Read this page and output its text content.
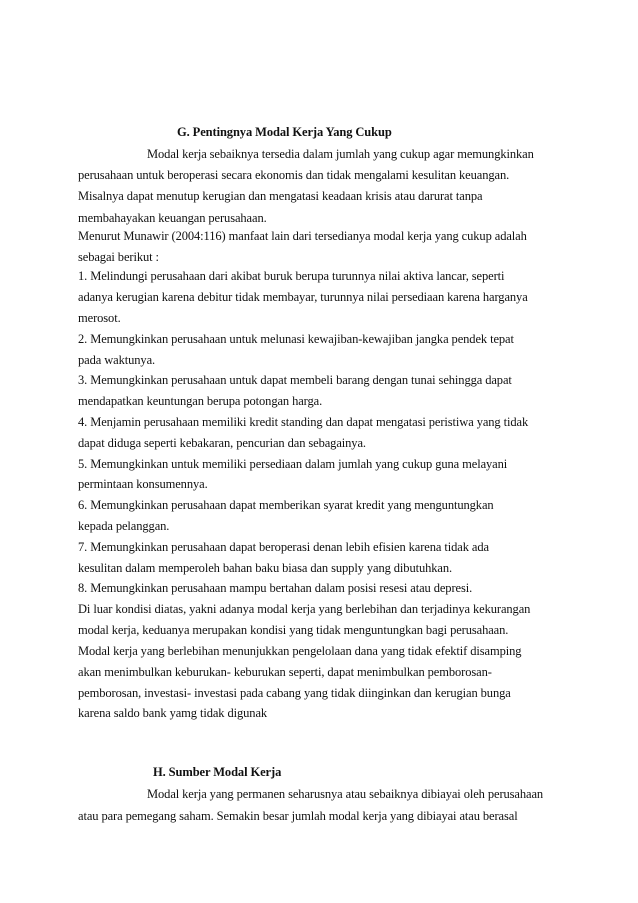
G. Pentingnya Modal Kerja Yang Cukup
Modal kerja sebaiknya tersedia dalam jumlah yang cukup agar memungkinkan
perusahaan untuk beroperasi secara ekonomis dan tidak mengalami kesulitan keuangan.
Misalnya dapat menutup kerugian dan mengatasi keadaan krisis atau darurat tanpa
membahayakan keuangan perusahaan.
Menurut Munawir (2004:116) manfaat lain dari tersedianya modal kerja yang cukup adalah
sebagai berikut :
1. Melindungi perusahaan dari akibat buruk berupa turunnya nilai aktiva lancar, seperti
adanya kerugian karena debitur tidak membayar, turunnya nilai persediaan karena harganya
merosot.
2. Memungkinkan perusahaan untuk melunasi kewajiban-kewajiban jangka pendek tepat
pada waktunya.
3. Memungkinkan perusahaan untuk dapat membeli barang dengan tunai sehingga dapat
mendapatkan keuntungan berupa potongan harga.
4. Menjamin perusahaan memiliki kredit standing dan dapat mengatasi peristiwa yang tidak
dapat diduga seperti kebakaran, pencurian dan sebagainya.
5. Memungkinkan untuk memiliki persediaan dalam jumlah yang cukup guna melayani
permintaan konsumennya.
6. Memungkinkan perusahaan dapat memberikan syarat kredit yang menguntungkan
kepada pelanggan.
7. Memungkinkan perusahaan dapat beroperasi denan lebih efisien karena tidak ada
kesulitan dalam memperoleh bahan baku biasa dan supply yang dibutuhkan.
8. Memungkinkan perusahaan mampu bertahan dalam posisi resesi atau depresi.
Di luar kondisi diatas, yakni adanya modal kerja yang berlebihan dan terjadinya kekurangan
modal kerja, keduanya merupakan kondisi yang tidak menguntungkan bagi perusahaan.
Modal kerja yang berlebihan menunjukkan pengelolaan dana yang tidak efektif disamping
akan menimbulkan keburukan- keburukan seperti, dapat menimbulkan pemborosan-
pemborosan, investasi- investasi pada cabang yang tidak diinginkan dan kerugian bunga
karena saldo bank yamg tidak digunak
H. Sumber Modal Kerja
Modal kerja yang permanen seharusnya atau sebaiknya dibiayai oleh perusahaan
atau para pemegang saham. Semakin besar jumlah modal kerja yang dibiayai atau berasal
